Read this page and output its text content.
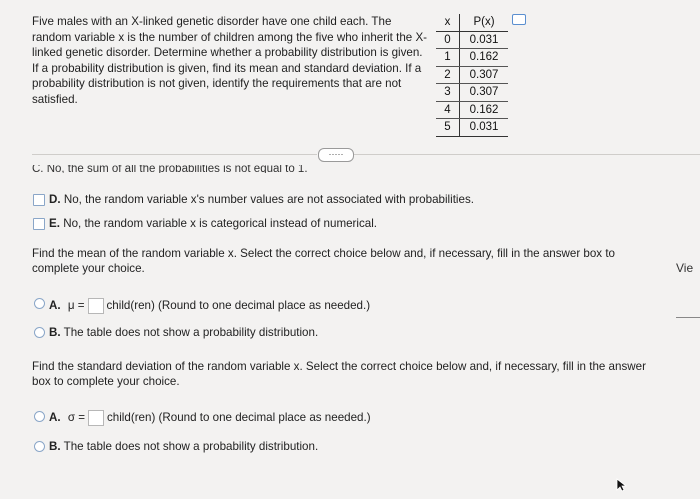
Five males with an X-linked genetic disorder have one child each. The random variable x is the number of children among the five who inherit the X-linked genetic disorder. Determine whether a probability distribution is given. If a probability distribution is given, find its mean and standard deviation. If a probability distribution is not given, identify the requirements that are not satisfied.
x	P(x)
0	0.031
1	0.162
2	0.307
3	0.307
4	0.162
5	0.031
·····
C. No, the sum of all the probabilities is not equal to 1.
D. No, the random variable x's number values are not associated with probabilities.
E. No, the random variable x is categorical instead of numerical.
Find the mean of the random variable x. Select the correct choice below and, if necessary, fill in the answer box to complete your choice.
A. μ = child(ren) (Round to one decimal place as needed.)
B. The table does not show a probability distribution.
Find the standard deviation of the random variable x. Select the correct choice below and, if necessary, fill in the answer box to complete your choice.
A. σ = child(ren) (Round to one decimal place as needed.)
B. The table does not show a probability distribution.
Vie
